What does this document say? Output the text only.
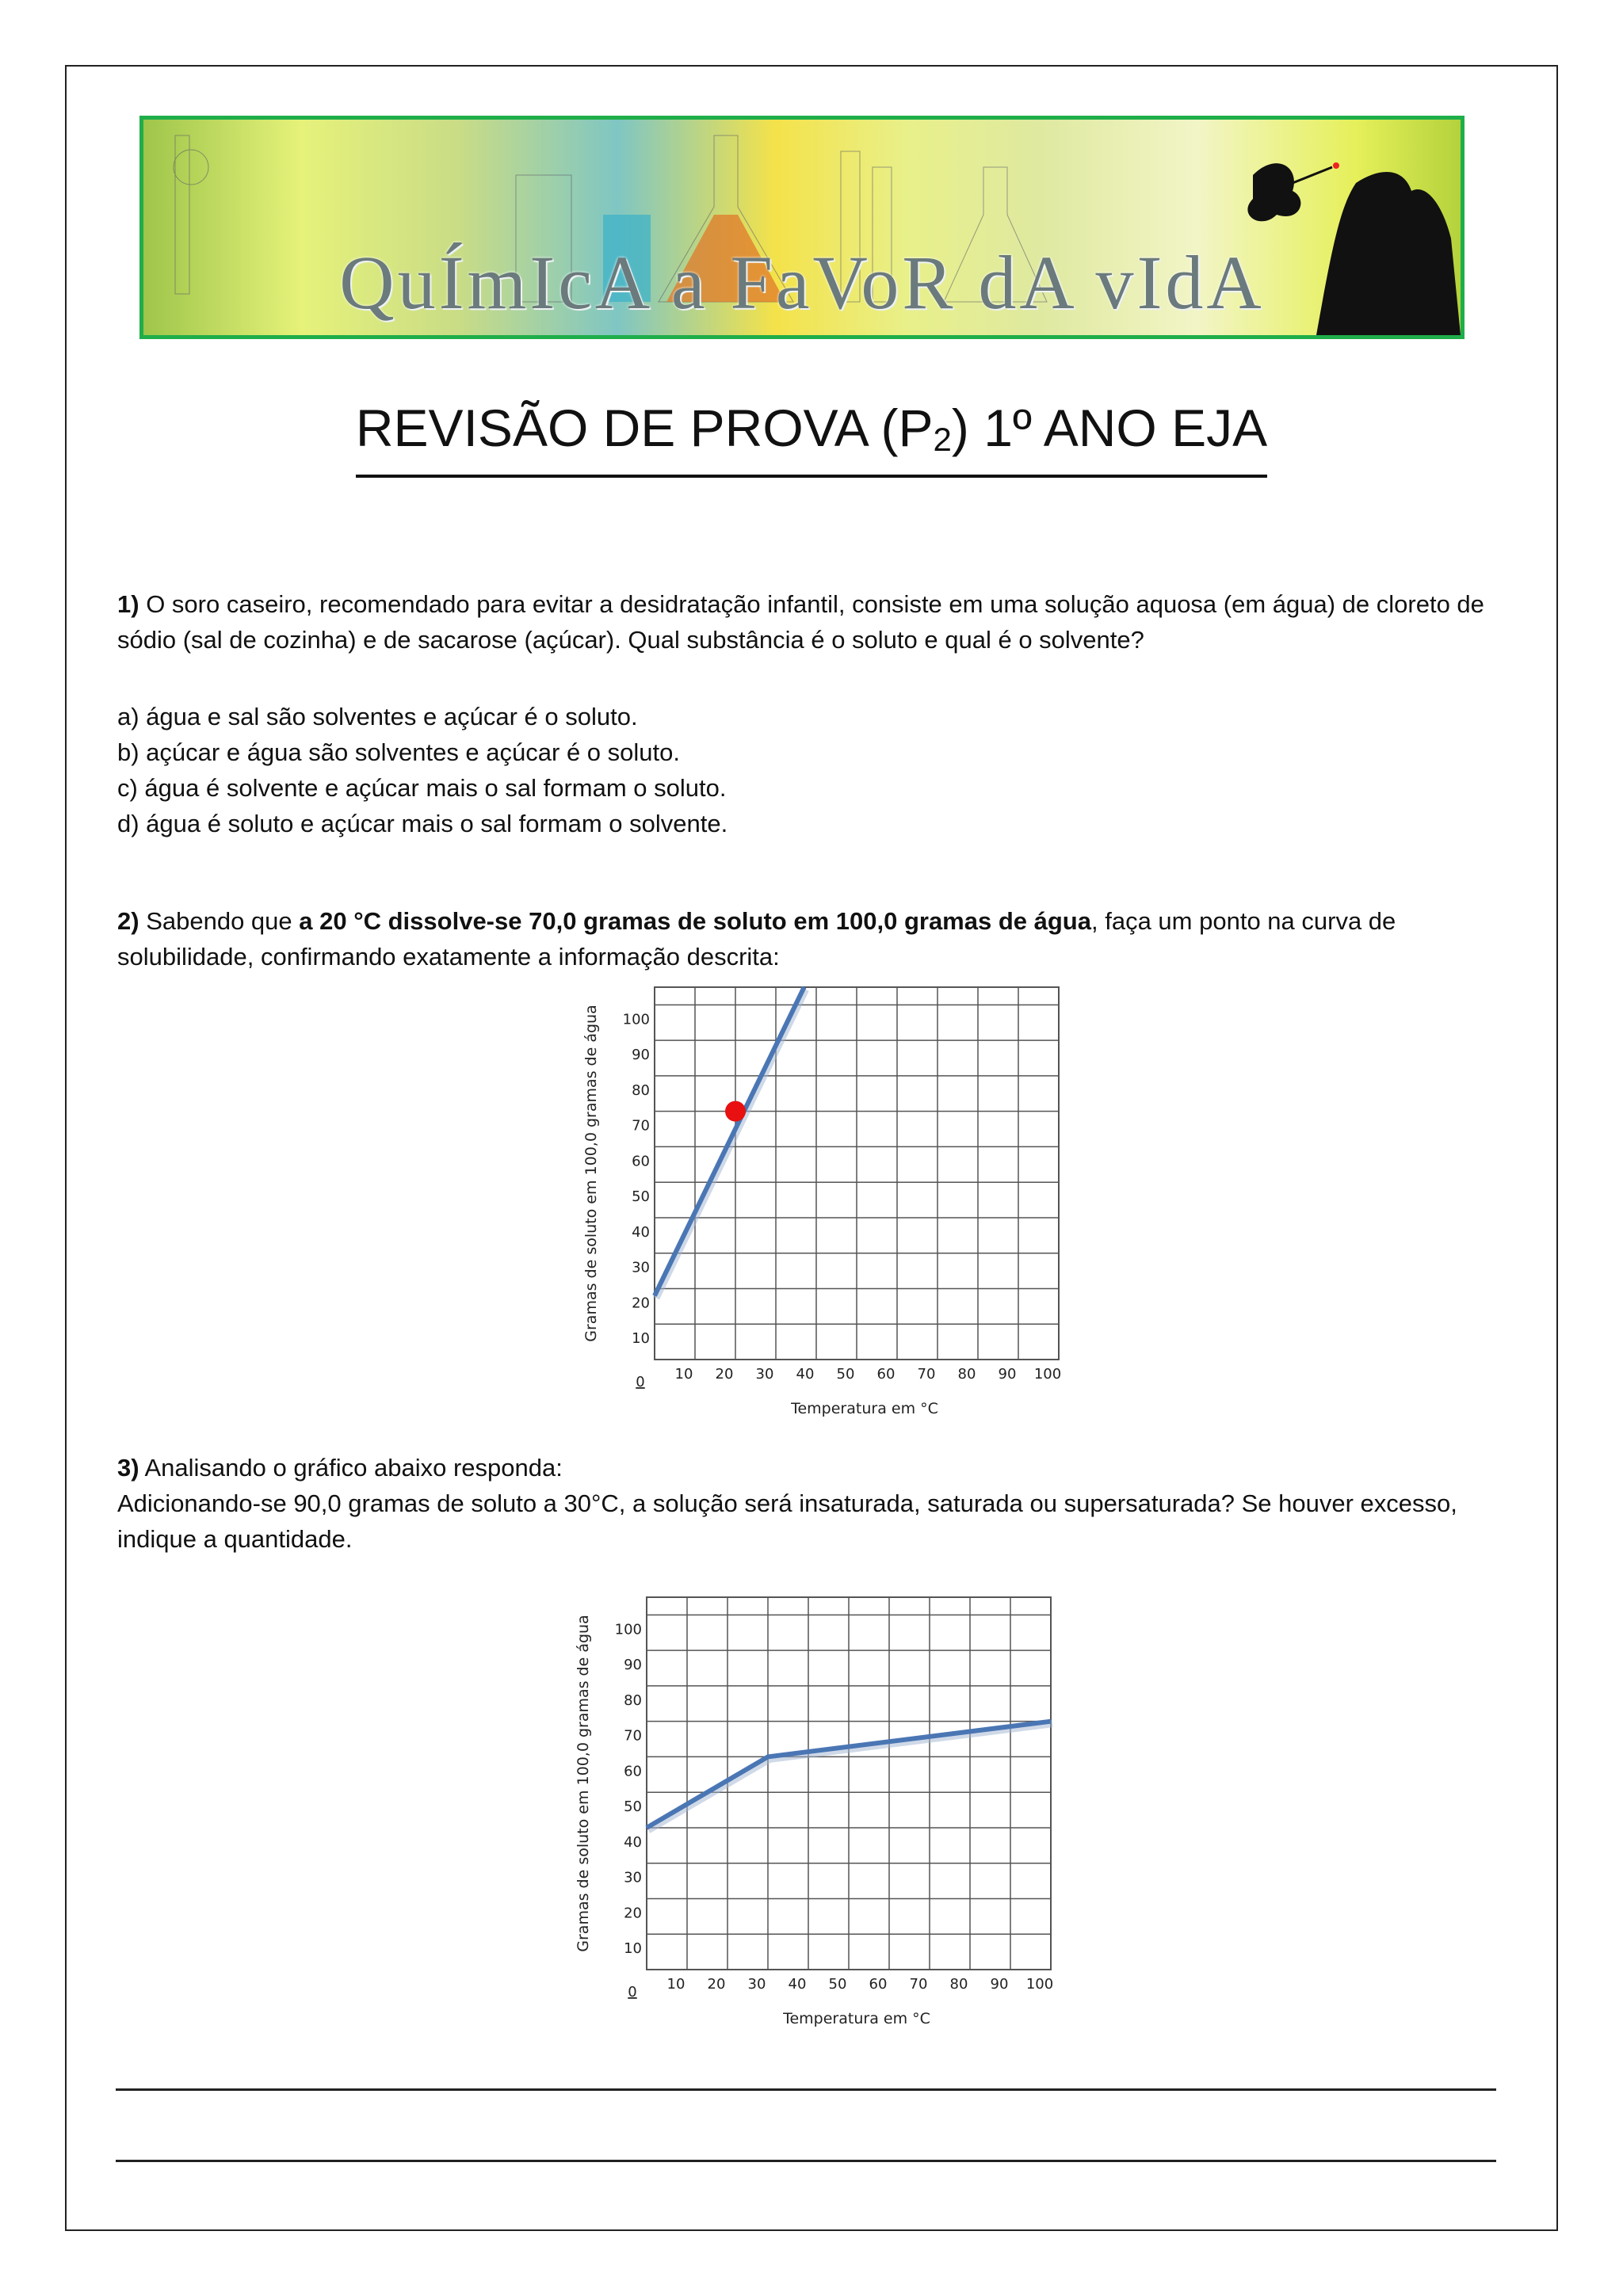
QuÍmIcA a FaVoR dA vIdA
REVISÃO DE PROVA $(P_2)$ 1º ANO EJA
1) O soro caseiro, recomendado para evitar a desidratação infantil, consiste em uma solução aquosa (em água) de cloreto de sódio (sal de cozinha) e de sacarose (açúcar). Qual substância é o soluto e qual é o solvente?
a) água e sal são solventes e açúcar é o soluto.
b) açúcar e água são solventes e açúcar é o soluto.
c) água é solvente e açúcar mais o sal formam o soluto.
d) água é soluto e açúcar mais o sal formam o solvente.
2) Sabendo que a 20 °C dissolve-se 70,0 gramas de soluto em 100,0 gramas de água, faça um ponto na curva de solubilidade, confirmando exatamente a informação descrita:
10 20 30 40 50 60 70 80 90 100
10
20
30
40
50
60
70
80
90
100
0
Temperatura em °C
Gramas de soluto em 100,0 gramas de água
3) Analisando o gráfico abaixo responda:
Adicionando-se 90,0 gramas de soluto a 30°C, a solução será insaturada, saturada ou supersaturada? Se houver excesso, indique a quantidade.
10 20 30 40 50 60 70 80 90 100
10
20
30
40
50
60
70
80
90
100
0
Temperatura em °C
Gramas de soluto em 100,0 gramas de água
